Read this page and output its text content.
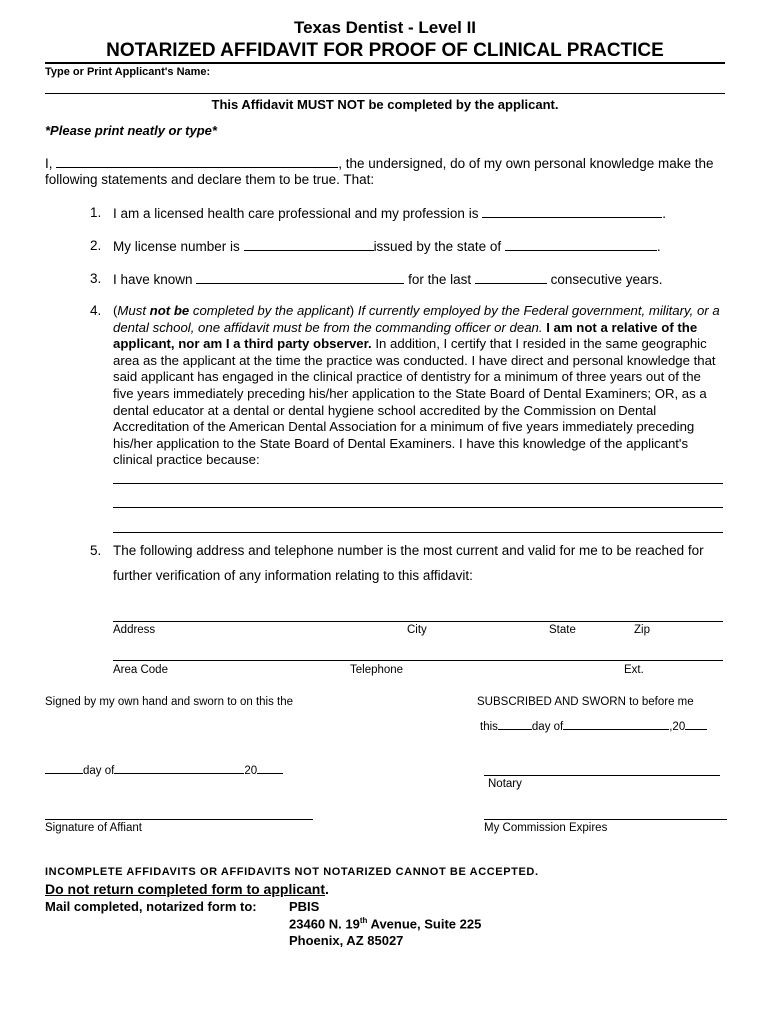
Texas Dentist - Level II
NOTARIZED AFFIDAVIT FOR PROOF OF CLINICAL PRACTICE
Type or Print Applicant's Name:
This Affidavit MUST NOT be completed by the applicant.
*Please print neatly or type*
I,	, the undersigned, do of my own personal knowledge make the
following statements and declare them to be true. That:
1. I am a licensed health care professional and my profession is	.
2. My license number is	issued by the state of	.
3. I have known	for the last	consecutive years.
4. (Must not be completed by the applicant) If currently employed by the Federal government, military, or a dental school, one affidavit must be from the commanding officer or dean. I am not a relative of the applicant, nor am I a third party observer. In addition, I certify that I resided in the same geographic area as the applicant at the time the practice was conducted. I have direct and personal knowledge that said applicant has engaged in the clinical practice of dentistry for a minimum of three years out of the five years immediately preceding his/her application to the State Board of Dental Examiners; OR, as a dental educator at a dental or dental hygiene school accredited by the Commission on Dental Accreditation of the American Dental Association for a minimum of five years immediately preceding his/her application to the State Board of Dental Examiners. I have this knowledge of the applicant's clinical practice because:
5. The following address and telephone number is the most current and valid for me to be reached for
further verification of any information relating to this affidavit:
Address	City	State	Zip
Area Code	Telephone	Ext.
Signed by my own hand and sworn to on this the	SUBSCRIBED AND SWORN to before me
this	day of	,20
day of	20
Notary
Signature of Affiant	My Commission Expires
INCOMPLETE AFFIDAVITS OR AFFIDAVITS NOT NOTARIZED CANNOT BE ACCEPTED.
Do not return completed form to applicant.
Mail completed, notarized form to: PBIS
23460 N. 19th Avenue, Suite 225
Phoenix, AZ 85027
